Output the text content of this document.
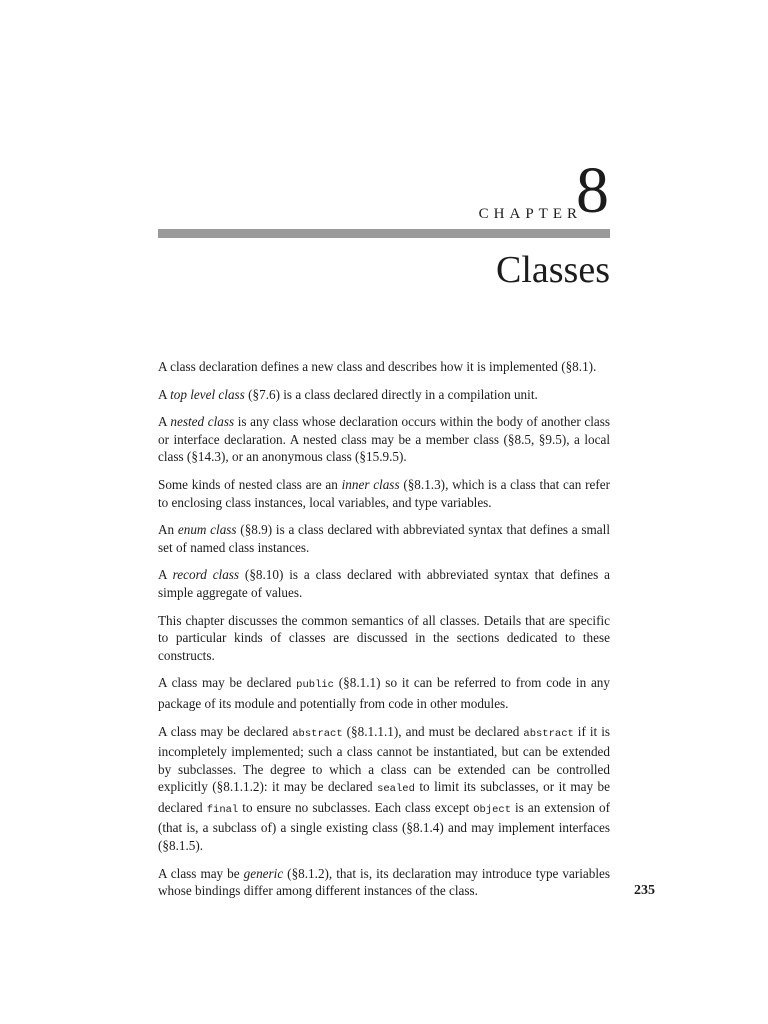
CHAPTER

8

Classes

A class declaration defines a new class and describes how it is implemented (§8.1).

A top level class (§7.6) is a class declared directly in a compilation unit.

A nested class is any class whose declaration occurs within the body of another class or interface declaration. A nested class may be a member class (§8.5, §9.5), a local class (§14.3), or an anonymous class (§15.9.5).

Some kinds of nested class are an inner class (§8.1.3), which is a class that can refer to enclosing class instances, local variables, and type variables.

An enum class (§8.9) is a class declared with abbreviated syntax that defines a small set of named class instances.

A record class (§8.10) is a class declared with abbreviated syntax that defines a simple aggregate of values.

This chapter discusses the common semantics of all classes. Details that are specific to particular kinds of classes are discussed in the sections dedicated to these constructs.

A class may be declared public (§8.1.1) so it can be referred to from code in any package of its module and potentially from code in other modules.

A class may be declared abstract (§8.1.1.1), and must be declared abstract if it is incompletely implemented; such a class cannot be instantiated, but can be extended by subclasses. The degree to which a class can be extended can be controlled explicitly (§8.1.1.2): it may be declared sealed to limit its subclasses, or it may be declared final to ensure no subclasses. Each class except Object is an extension of (that is, a subclass of) a single existing class (§8.1.4) and may implement interfaces (§8.1.5).

A class may be generic (§8.1.2), that is, its declaration may introduce type variables whose bindings differ among different instances of the class.	235
